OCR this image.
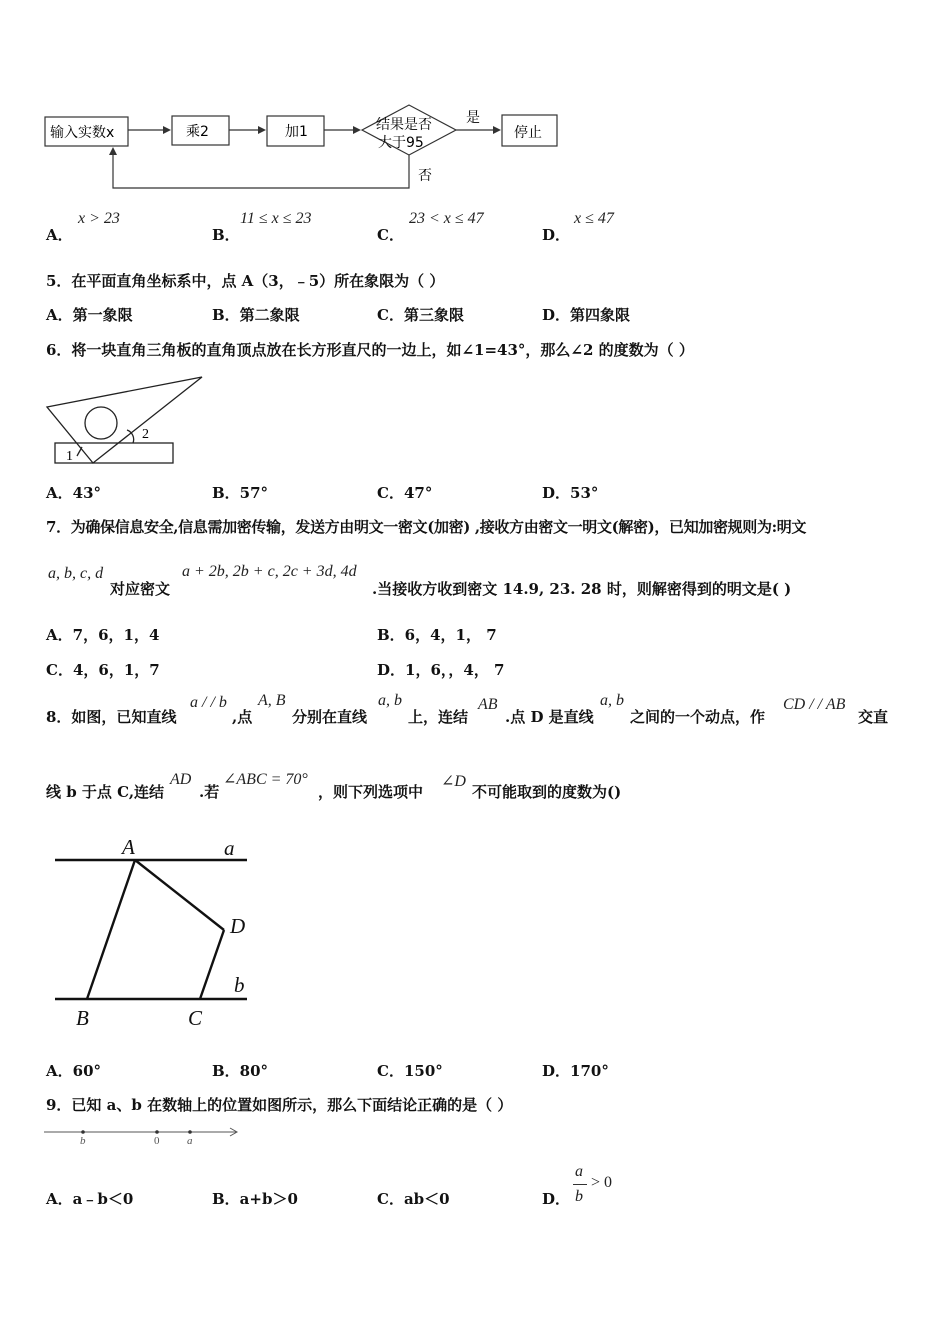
输入实数x	乘2	加1	结果是否
大于95
停止
是
否
A．
x > 23
B．
11 ≤ x ≤ 23
C．
23 < x ≤ 47
D．
x ≤ 47
5．在平面直角坐标系中，点 A（3，﹣5）所在象限为（ ）
A．第一象限	B．第二象限	C．第三象限	D．第四象限
6．将一块直角三角板的直角顶点放在长方形直尺的一边上，如∠1=43°，那么∠2 的度数为（ ）
1
2
A．43°	B．57°	C．47°	D．53°
7．为确保信息安全,信息需加密传输，发送方由明文一密文(加密) ,接收方由密文一明文(解密)，已知加密规则为:明文
a, b, c, d
对应密文
a + 2b, 2b + c, 2c + 3d, 4d
.当接收方收到密文 14.9, 23. 28 时，则解密得到的明文是( )
A．7，6，1，4	B．6，4，1， 7
C．4，6，1，7	D．1，6，，4， 7
8．如图，已知直线
a / / b
,点
A, B
分别在直线
a, b
上，连结
AB
.点 D 是直线
a, b
之间的一个动点，作
CD / / AB
交直
线 b 于点 C,连结
AD
.若
∠ABC = 70°
，则下列选项中
∠D
不可能取到的度数为()
A	a
D
b
B	C
A．60°	B．80°	C．150°	D．170°
9．已知 a、b 在数轴上的位置如图所示，那么下面结论正确的是（ ）
b	0	a
A．a﹣b＜0	B．a+b＞0	C．ab＜0	D．
a
b
> 0
